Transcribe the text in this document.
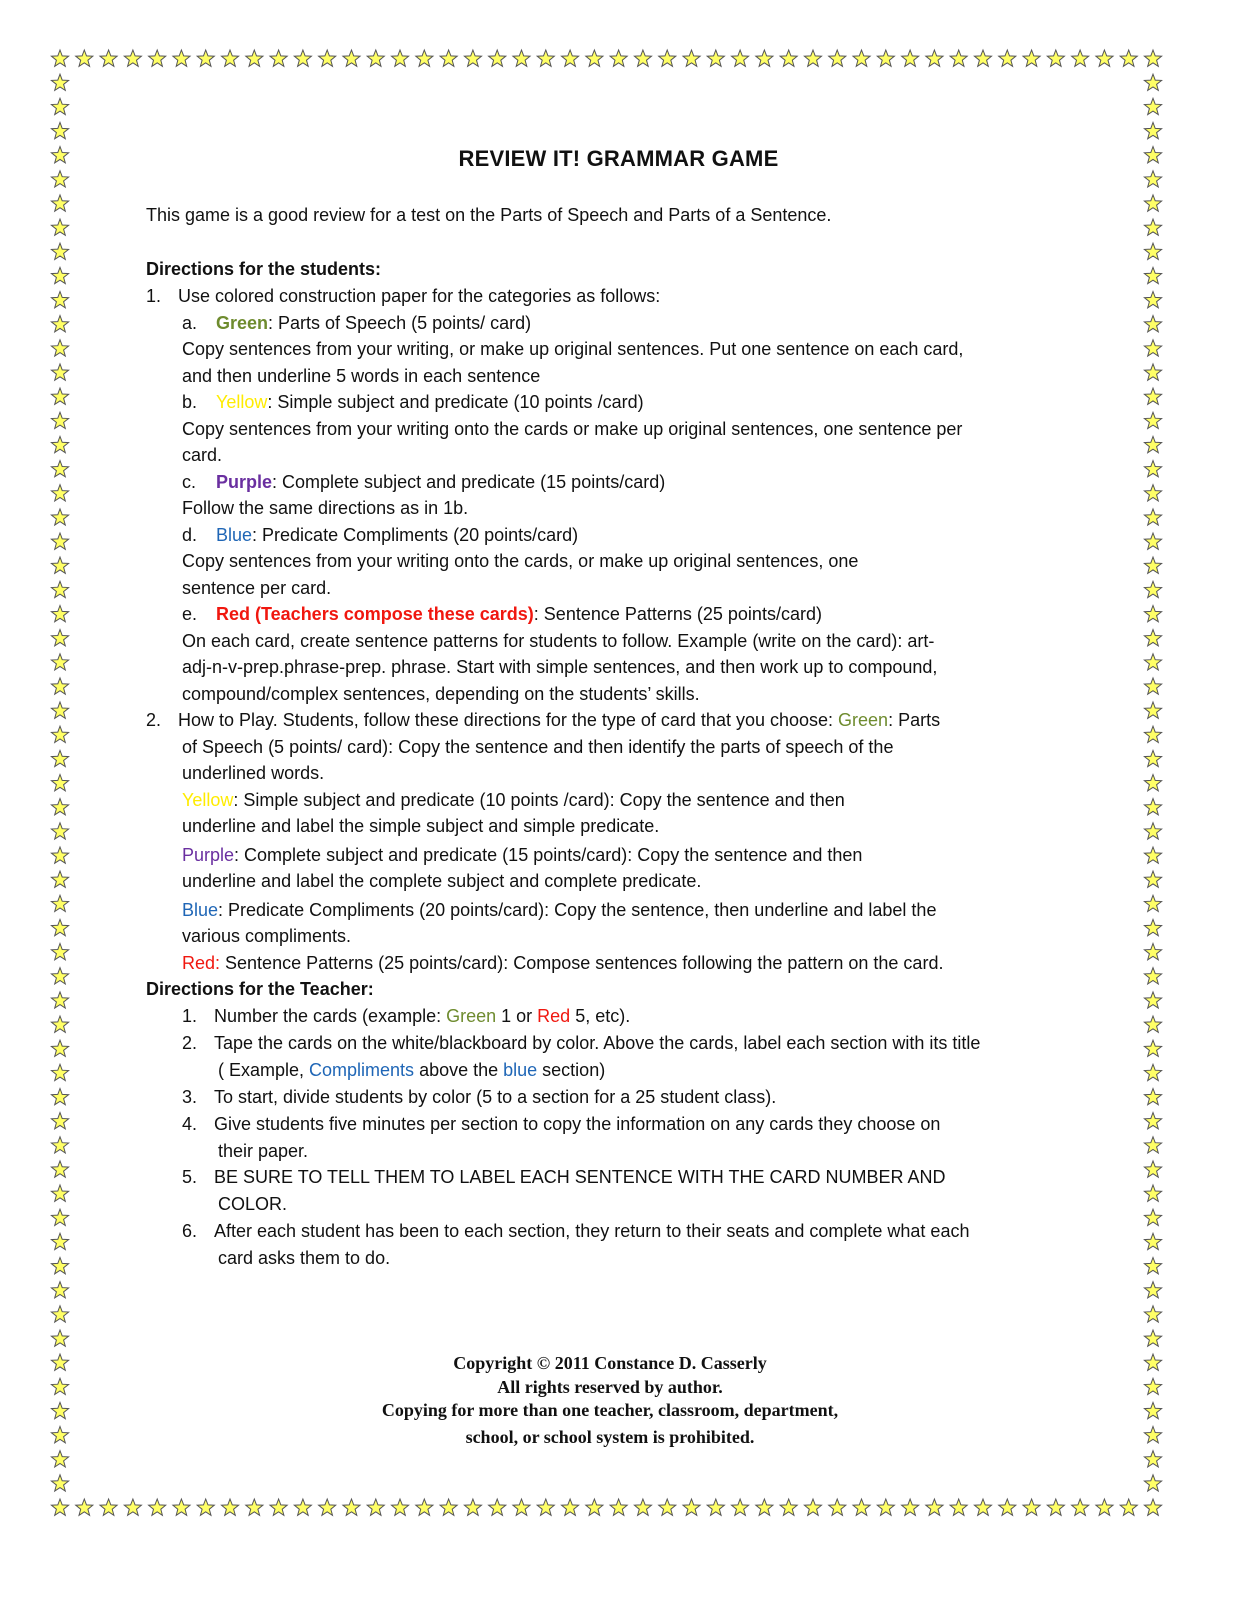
REVIEW IT! GRAMMAR GAME

This game is a good review for a test on the Parts of Speech and Parts of a Sentence.

Directions for the students:
1. Use colored construction paper for the categories as follows:
a.	Green: Parts of Speech (5 points/ card)
Copy sentences from your writing, or make up original sentences. Put one sentence on each card,
and then underline 5 words in each sentence
b.	Yellow: Simple subject and predicate (10 points /card)
Copy sentences from your writing onto the cards or make up original sentences, one sentence per
card.
c.	Purple: Complete subject and predicate (15 points/card)
Follow the same directions as in 1b.
d.	Blue: Predicate Compliments (20 points/card)
Copy sentences from your writing onto the cards, or make up original sentences, one
sentence per card.
e.	Red (Teachers compose these cards): Sentence Patterns (25 points/card)
On each card, create sentence patterns for students to follow. Example (write on the card): art-
adj-n-v-prep.phrase-prep. phrase. Start with simple sentences, and then work up to compound,
compound/complex sentences, depending on the students’ skills.
2. How to Play. Students, follow these directions for the type of card that you choose: Green: Parts
of Speech (5 points/ card): Copy the sentence and then identify the parts of speech of the
underlined words.
Yellow: Simple subject and predicate (10 points /card): Copy the sentence and then
underline and label the simple subject and simple predicate.
Purple: Complete subject and predicate (15 points/card): Copy the sentence and then
underline and label the complete subject and complete predicate.
Blue: Predicate Compliments (20 points/card): Copy the sentence, then underline and label the
various compliments.
Red: Sentence Patterns (25 points/card): Compose sentences following the pattern on the card.
Directions for the Teacher:
1. Number the cards (example: Green 1 or Red 5, etc).
2. Tape the cards on the white/blackboard by color. Above the cards, label each section with its title
( Example, Compliments above the blue section)
3. To start, divide students by color (5 to a section for a 25 student class).
4. Give students five minutes per section to copy the information on any cards they choose on
their paper.
5. BE SURE TO TELL THEM TO LABEL EACH SENTENCE WITH THE CARD NUMBER AND
COLOR.
6. After each student has been to each section, they return to their seats and complete what each
card asks them to do.
Copyright © 2011 Constance D. Casserly
All rights reserved by author.
Copying for more than one teacher, classroom, department,
school, or school system is prohibited.
